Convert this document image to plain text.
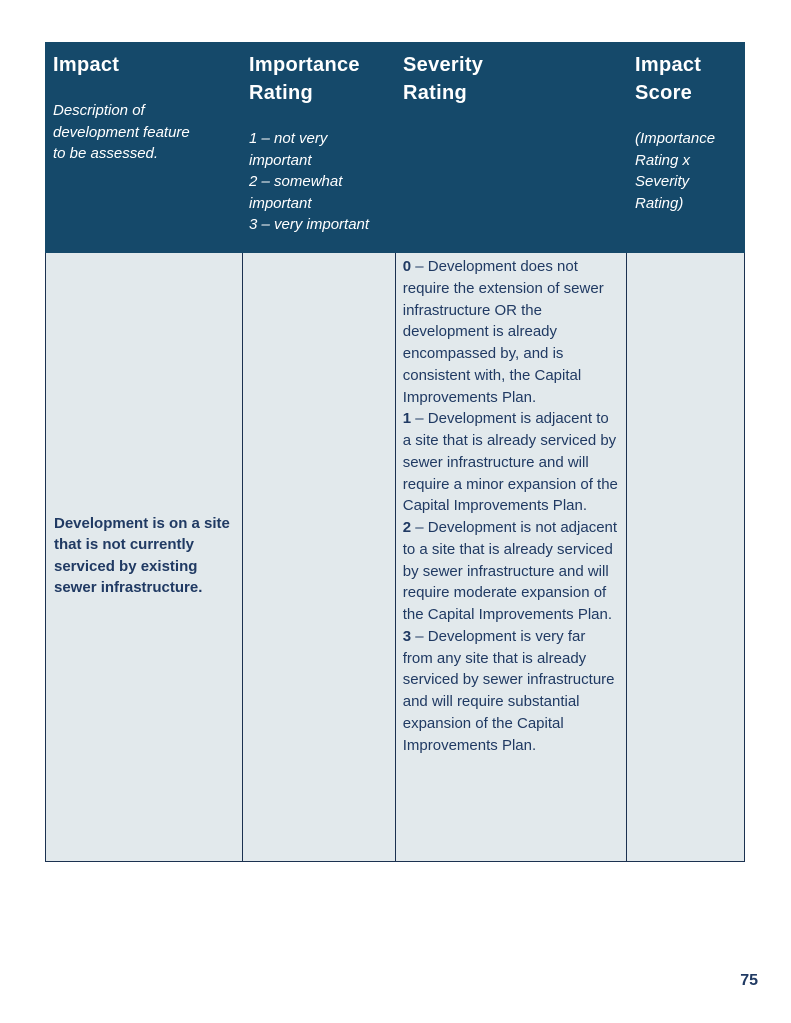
Impact
Description of development feature to be assessed.
Importance Rating
1 – not very important
2 – somewhat important
3 – very important
Severity Rating
Impact Score
(Importance Rating x Severity Rating)
Development is on a site that is not currently serviced by existing sewer infrastructure.
0 – Development does not require the extension of sewer infrastructure OR the development is already encompassed by, and is consistent with, the Capital Improvements Plan.
1 – Development is adjacent to a site that is already serviced by sewer infrastructure and will require a minor expansion of the Capital Improvements Plan.
2 – Development is not adjacent to a site that is already serviced by sewer infrastructure and will require moderate expansion of the Capital Improvements Plan.
3 – Development is very far from any site that is already serviced by sewer infrastructure and will require substantial expansion of the Capital Improvements Plan.
75
